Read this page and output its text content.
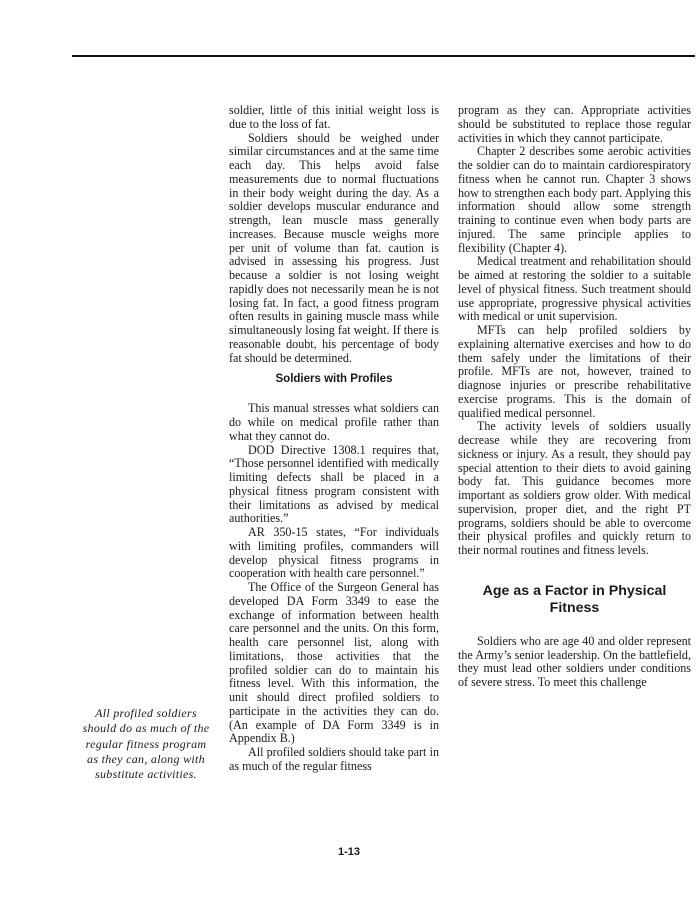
soldier, little of this initial weight loss is due to the loss of fat.

Soldiers should be weighed under similar circumstances and at the same time each day. This helps avoid false measurements due to normal fluctuations in their body weight during the day. As a soldier develops muscular endurance and strength, lean muscle mass generally increases. Because muscle weighs more per unit of volume than fat. caution is advised in assessing his progress. Just because a soldier is not losing weight rapidly does not necessarily mean he is not losing fat. In fact, a good fitness program often results in gaining muscle mass while simultaneously losing fat weight. If there is reasonable doubt, his percentage of body fat should be determined.

Soldiers with Profiles

This manual stresses what soldiers can do while on medical profile rather than what they cannot do.

DOD Directive 1308.1 requires that, “Those personnel identified with medically limiting defects shall be placed in a physical fitness program consistent with their limitations as advised by medical authorities.”

AR 350-15 states, “For individuals with limiting profiles, commanders will develop physical fitness programs in cooperation with health care personnel.”

The Office of the Surgeon General has developed DA Form 3349 to ease the exchange of information between health care personnel and the units. On this form, health care personnel list, along with limitations, those activities that the profiled soldier can do to maintain his fitness level. With this information, the unit should direct profiled soldiers to participate in the activities they can do. (An example of DA Form 3349 is in Appendix B.)

All profiled soldiers should take part in as much of the regular fitness

program as they can. Appropriate activities should be substituted to replace those regular activities in which they cannot participate.

Chapter 2 describes some aerobic activities the soldier can do to maintain cardiorespiratory fitness when he cannot run. Chapter 3 shows how to strengthen each body part. Applying this information should allow some strength training to continue even when body parts are injured. The same principle applies to flexibility (Chapter 4).

Medical treatment and rehabilitation should be aimed at restoring the soldier to a suitable level of physical fitness. Such treatment should use appropriate, progressive physical activities with medical or unit supervision.

MFTs can help profiled soldiers by explaining alternative exercises and how to do them safely under the limitations of their profile. MFTs are not, however, trained to diagnose injuries or prescribe rehabilitative exercise programs. This is the domain of qualified medical personnel.

The activity levels of soldiers usually decrease while they are recovering from sickness or injury. As a result, they should pay special attention to their diets to avoid gaining body fat. This guidance becomes more important as soldiers grow older. With medical supervision, proper diet, and the right PT programs, soldiers should be able to overcome their physical profiles and quickly return to their normal routines and fitness levels.

Age as a Factor in Physical Fitness

Soldiers who are age 40 and older represent the Army’s senior leadership. On the battlefield, they must lead other soldiers under conditions of severe stress. To meet this challenge

All profiled soldiers should do as much of the regular fitness program as they can, along with substitute activities.
1-13
